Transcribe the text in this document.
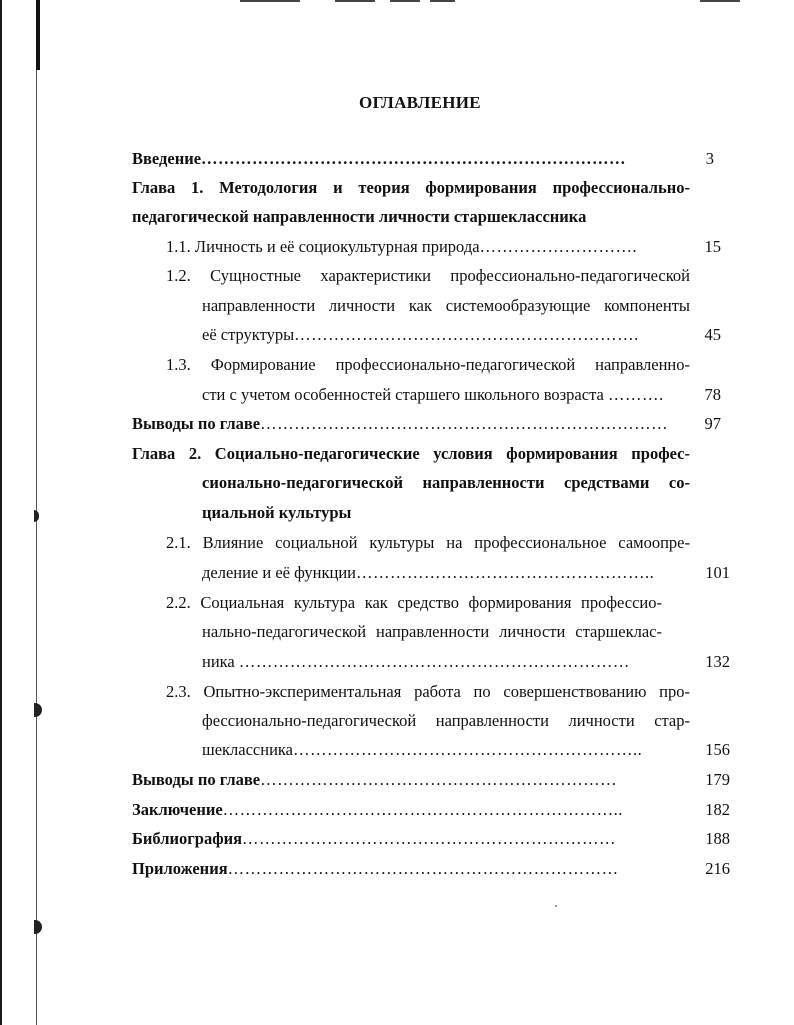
ОГЛАВЛЕНИЕ
Введение…………………………………………………………………	3
Глава 1. Методология и теория формирования профессионально-
педагогической направленности личности старшеклассника
1.1. Личность и её социокультурная природа……………………….	15
1.2. Сущностные характеристики профессионально-педагогической
направленности личности как системообразующие компоненты
её структуры…………………………………………………….	45
1.3. Формирование профессионально-педагогической направленно-
сти с учетом особенностей старшего школьного возраста ……….	78
Выводы по главе………………………………………………………………	97
Глава 2. Социально-педагогические условия формирования профес-
сионально-педагогической направленности средствами со-
циальной культуры
2.1. Влияние социальной культуры на профессиональное самоопре-
деление и её функции……………………………………………..	101
2.2. Социальная культура как средство формирования профессио-
нально-педагогической направленности личности старшеклас-
ника ……………………………………………………………	132
2.3. Опытно-экспериментальная работа по совершенствованию про-
фессионально-педагогической направленности личности стар-
шеклассника……………………………………………………..	156
Выводы по главе………………………………………………………	179
Заключение……………………………………………………………..	182
Библиография…………………………………………………………	188
Приложения……………………………………………………………	216
